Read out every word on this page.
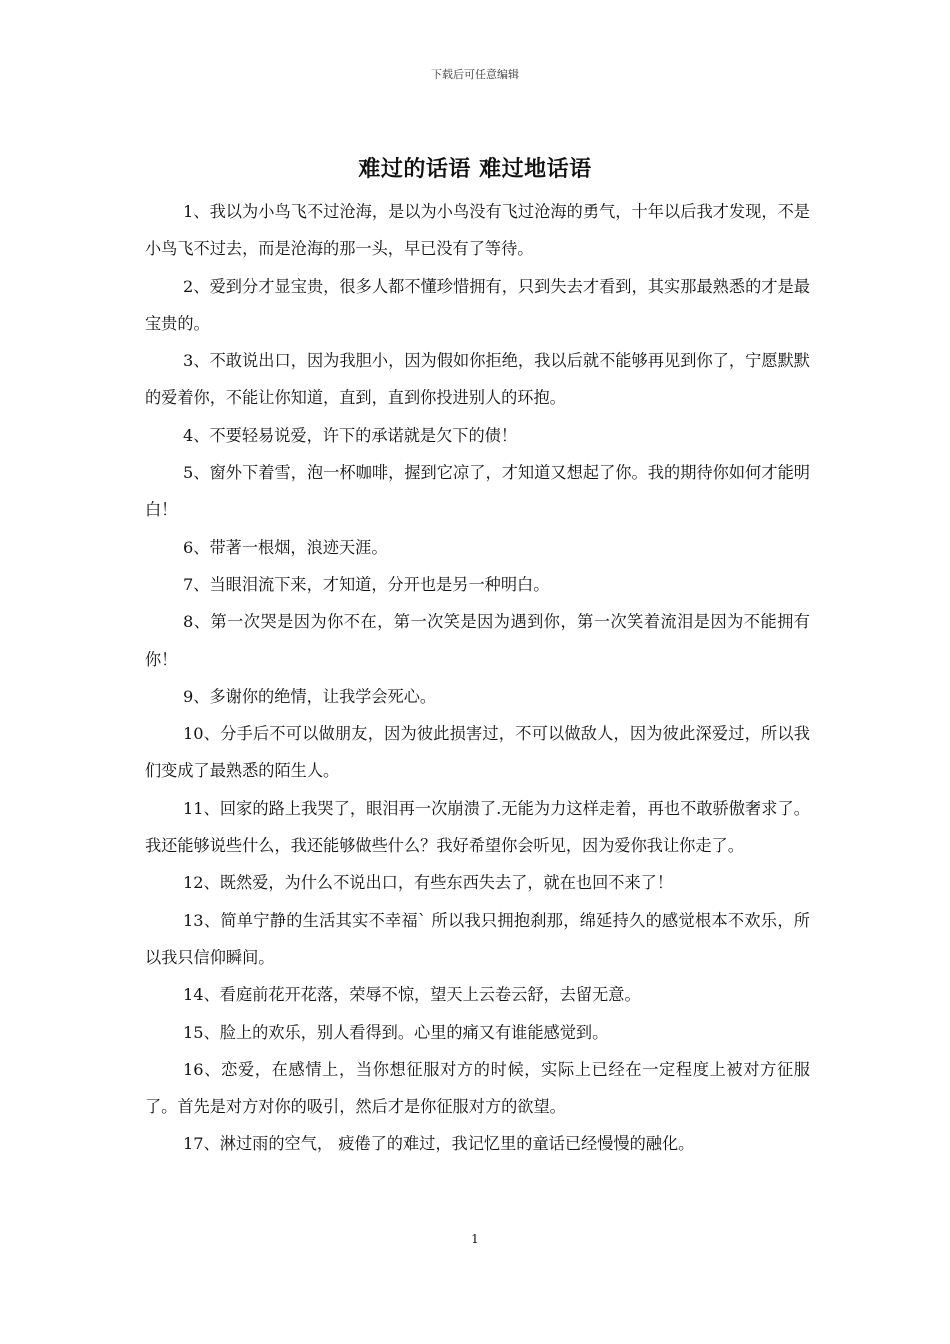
下载后可任意编辑
难过的话语 难过地话语

1、我以为小鸟飞不过沧海，是以为小鸟没有飞过沧海的勇气，十年以后我才发现，不是小鸟飞不过去，而是沧海的那一头，早已没有了等待。

2、爱到分才显宝贵，很多人都不懂珍惜拥有，只到失去才看到，其实那最熟悉的才是最宝贵的。

3、不敢说出口，因为我胆小，因为假如你拒绝，我以后就不能够再见到你了，宁愿默默的爱着你，不能让你知道，直到，直到你投进别人的环抱。

4、不要轻易说爱，许下的承诺就是欠下的债！

5、窗外下着雪，泡一杯咖啡，握到它凉了，才知道又想起了你。我的期待你如何才能明白！

6、带著一根烟，浪迹天涯。

7、当眼泪流下来，才知道，分开也是另一种明白。

8、第一次哭是因为你不在，第一次笑是因为遇到你，第一次笑着流泪是因为不能拥有你！

9、多谢你的绝情，让我学会死心。

10、分手后不可以做朋友，因为彼此损害过，不可以做敌人，因为彼此深爱过，所以我们变成了最熟悉的陌生人。

11、回家的路上我哭了，眼泪再一次崩溃了.无能为力这样走着，再也不敢骄傲奢求了。我还能够说些什么，我还能够做些什么？我好希望你会听见，因为爱你我让你走了。

12、既然爱，为什么不说出口，有些东西失去了，就在也回不来了！

13、简单宁静的生活其实不幸福` 所以我只拥抱刹那，绵延持久的感觉根本不欢乐，所以我只信仰瞬间。

14、看庭前花开花落，荣辱不惊，望天上云卷云舒，去留无意。

15、脸上的欢乐，别人看得到。心里的痛又有谁能感觉到。

16、恋爱，在感情上，当你想征服对方的时候，实际上已经在一定程度上被对方征服了。首先是对方对你的吸引，然后才是你征服对方的欲望。

17、淋过雨的空气， 疲倦了的难过，我记忆里的童话已经慢慢的融化。

1
